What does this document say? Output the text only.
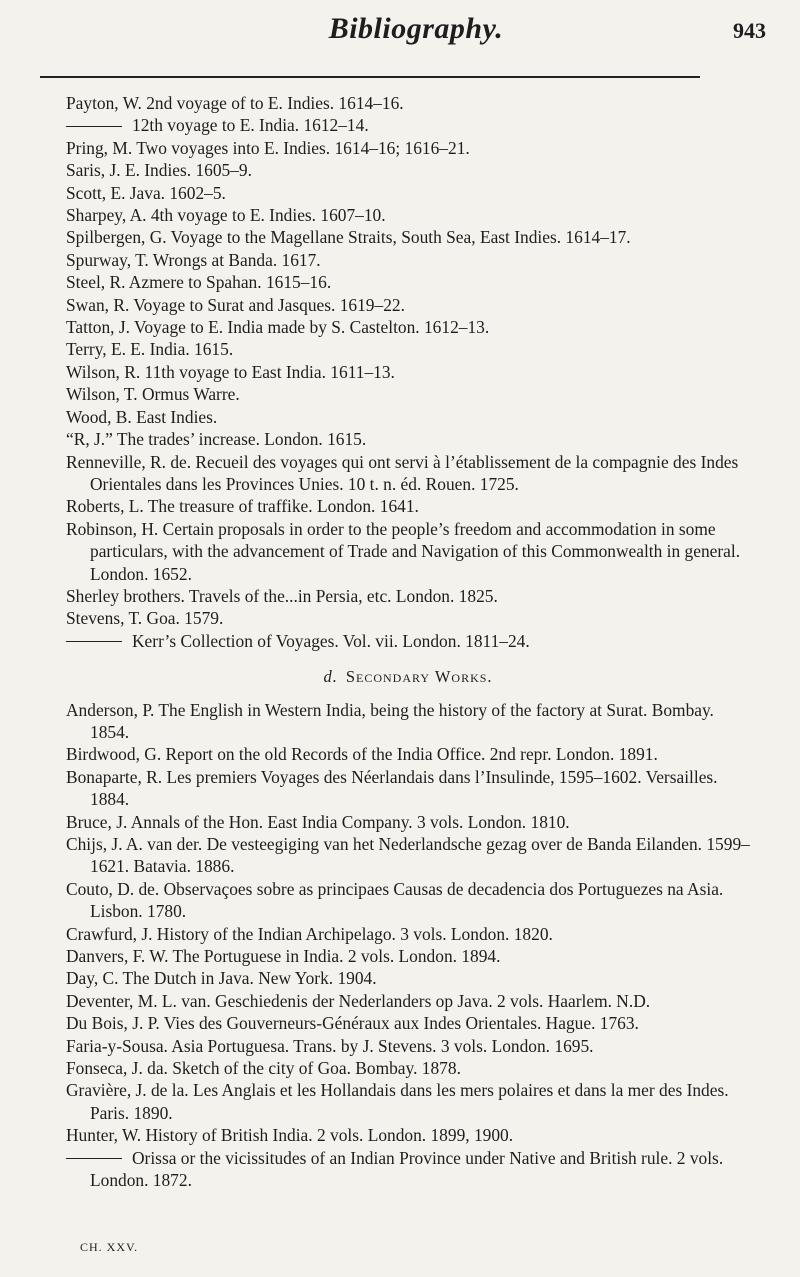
Bibliography.	943

Payton, W. 2nd voyage of to E. Indies. 1614–16.

12th voyage to E. India. 1612–14.

Pring, M. Two voyages into E. Indies. 1614–16; 1616–21.

Saris, J. E. Indies. 1605–9.

Scott, E. Java. 1602–5.

Sharpey, A. 4th voyage to E. Indies. 1607–10.

Spilbergen, G. Voyage to the Magellane Straits, South Sea, East Indies. 1614–17.

Spurway, T. Wrongs at Banda. 1617.

Steel, R. Azmere to Spahan. 1615–16.

Swan, R. Voyage to Surat and Jasques. 1619–22.

Tatton, J. Voyage to E. India made by S. Castelton. 1612–13.

Terry, E. E. India. 1615.

Wilson, R. 11th voyage to East India. 1611–13.

Wilson, T. Ormus Warre.

Wood, B. East Indies.

“R, J.” The trades’ increase. London. 1615.

Renneville, R. de. Recueil des voyages qui ont servi à l’établissement de la compagnie des Indes Orientales dans les Provinces Unies. 10 t. n. éd. Rouen. 1725.

Roberts, L. The treasure of traffike. London. 1641.

Robinson, H. Certain proposals in order to the people’s freedom and accommodation in some particulars, with the advancement of Trade and Navigation of this Commonwealth in general. London. 1652.

Sherley brothers. Travels of the...in Persia, etc. London. 1825.

Stevens, T. Goa. 1579.

Kerr’s Collection of Voyages. Vol. vii. London. 1811–24.

d. Secondary Works.

Anderson, P. The English in Western India, being the history of the factory at Surat. Bombay. 1854.

Birdwood, G. Report on the old Records of the India Office. 2nd repr. London. 1891.

Bonaparte, R. Les premiers Voyages des Néerlandais dans l’Insulinde, 1595–1602. Versailles. 1884.

Bruce, J. Annals of the Hon. East India Company. 3 vols. London. 1810.

Chijs, J. A. van der. De vesteegiging van het Nederlandsche gezag over de Banda Eilanden. 1599–1621. Batavia. 1886.

Couto, D. de. Observaçoes sobre as principaes Causas de decadencia dos Portuguezes na Asia. Lisbon. 1780.

Crawfurd, J. History of the Indian Archipelago. 3 vols. London. 1820.

Danvers, F. W. The Portuguese in India. 2 vols. London. 1894.

Day, C. The Dutch in Java. New York. 1904.

Deventer, M. L. van. Geschiedenis der Nederlanders op Java. 2 vols. Haarlem. N.D.

Du Bois, J. P. Vies des Gouverneurs-Généraux aux Indes Orientales. Hague. 1763.

Faria-y-Sousa. Asia Portuguesa. Trans. by J. Stevens. 3 vols. London. 1695.

Fonseca, J. da. Sketch of the city of Goa. Bombay. 1878.

Gravière, J. de la. Les Anglais et les Hollandais dans les mers polaires et dans la mer des Indes. Paris. 1890.

Hunter, W. History of British India. 2 vols. London. 1899, 1900.

Orissa or the vicissitudes of an Indian Province under Native and British rule. 2 vols. London. 1872.

CH. XXV.
